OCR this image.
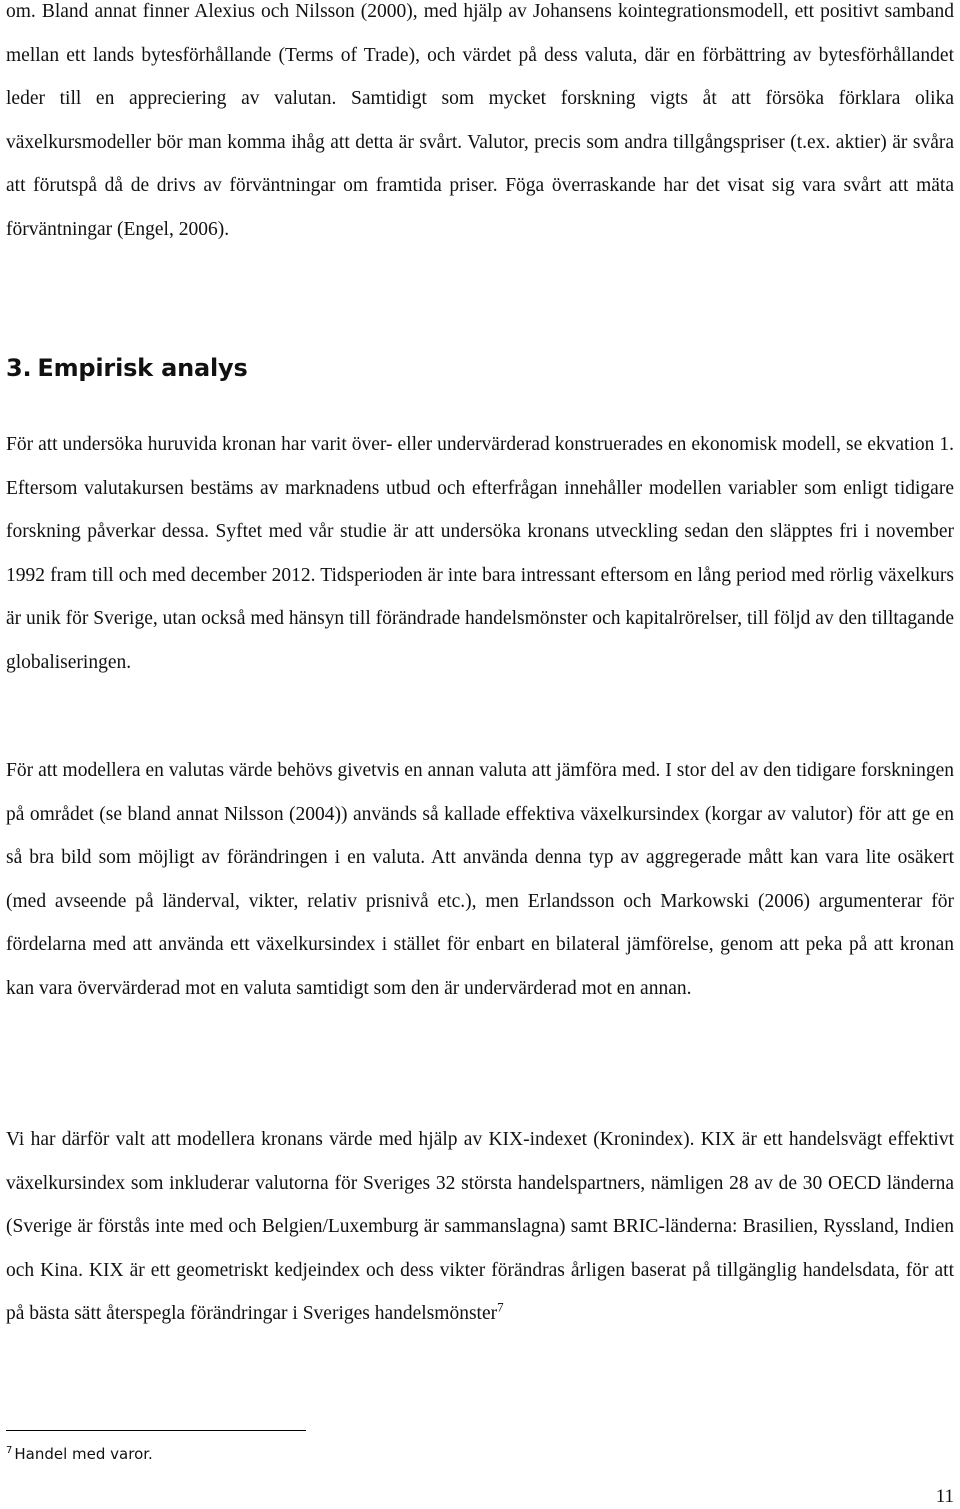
om. Bland annat finner Alexius och Nilsson (2000), med hjälp av Johansens kointegrationsmodell, ett positivt samband mellan ett lands bytesförhållande (Terms of Trade), och värdet på dess valuta, där en förbättring av bytesförhållandet leder till en appreciering av valutan. Samtidigt som mycket forskning vigts åt att försöka förklara olika växelkursmodeller bör man komma ihåg att detta är svårt. Valutor, precis som andra tillgångspriser (t.ex. aktier) är svåra att förutspå då de drivs av förväntningar om framtida priser. Föga överraskande har det visat sig vara svårt att mäta förväntningar (Engel, 2006).

3. Empirisk analys

För att undersöka huruvida kronan har varit över- eller undervärderad konstruerades en ekonomisk modell, se ekvation 1. Eftersom valutakursen bestäms av marknadens utbud och efterfrågan innehåller modellen variabler som enligt tidigare forskning påverkar dessa. Syftet med vår studie är att undersöka kronans utveckling sedan den släpptes fri i november 1992 fram till och med december 2012. Tidsperioden är inte bara intressant eftersom en lång period med rörlig växelkurs är unik för Sverige, utan också med hänsyn till förändrade handelsmönster och kapitalrörelser, till följd av den tilltagande globaliseringen.

För att modellera en valutas värde behövs givetvis en annan valuta att jämföra med. I stor del av den tidigare forskningen på området (se bland annat Nilsson (2004)) används så kallade effektiva växelkursindex (korgar av valutor) för att ge en så bra bild som möjligt av förändringen i en valuta. Att använda denna typ av aggregerade mått kan vara lite osäkert (med avseende på länderval, vikter, relativ prisnivå etc.), men Erlandsson och Markowski (2006) argumenterar för fördelarna med att använda ett växelkursindex i stället för enbart en bilateral jämförelse, genom att peka på att kronan kan vara övervärderad mot en valuta samtidigt som den är undervärderad mot en annan.

Vi har därför valt att modellera kronans värde med hjälp av KIX-indexet (Kronindex). KIX är ett handelsvägt effektivt växelkursindex som inkluderar valutorna för Sveriges 32 största handelspartners, nämligen 28 av de 30 OECD länderna (Sverige är förstås inte med och Belgien/Luxemburg är sammanslagna) samt BRIC-länderna: Brasilien, Ryssland, Indien och Kina. KIX är ett geometriskt kedjeindex och dess vikter förändras årligen baserat på tillgänglig handelsdata, för att på bästa sätt återspegla förändringar i Sveriges handelsmönster$^7$

$^7$ Handel med varor.

11
